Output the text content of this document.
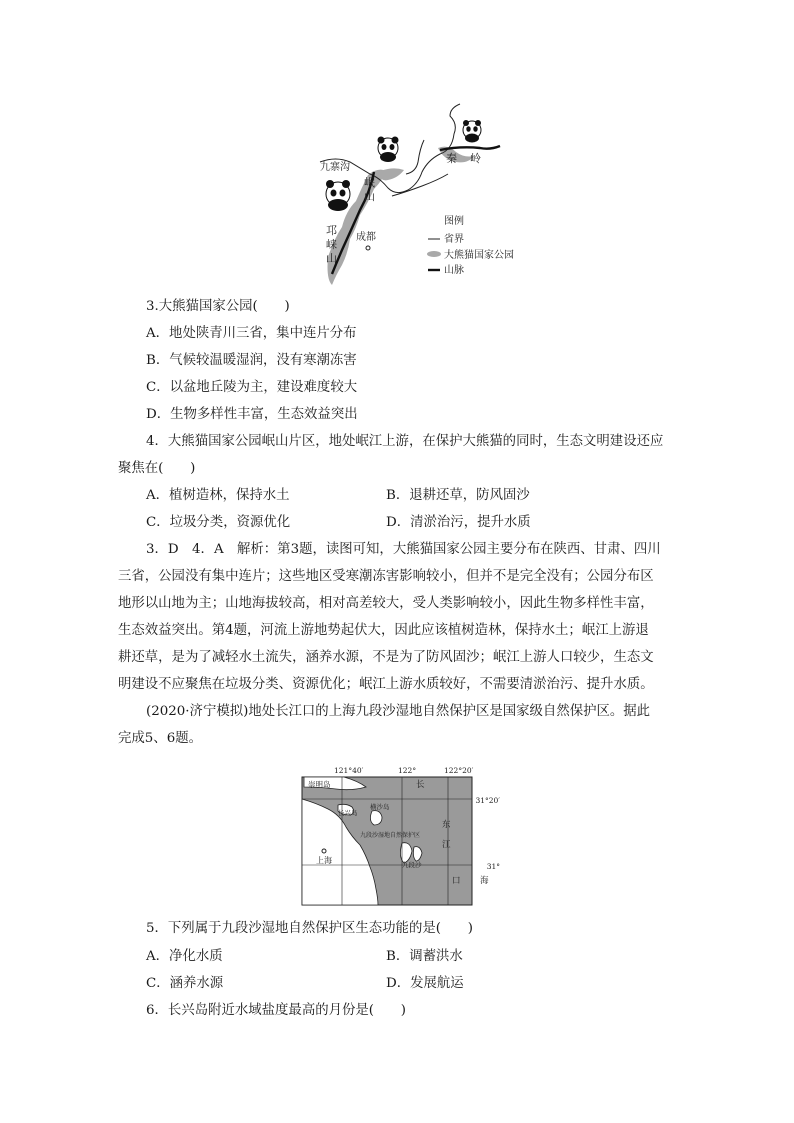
九寨沟
岷
山
秦 岭
邛
崃
山
成都
图例
省界
大熊猫国家公园
山脉
3.大熊猫国家公园(　　)
A．地处陕青川三省，集中连片分布
B．气候较温暖湿润，没有寒潮冻害
C．以盆地丘陵为主，建设难度较大
D．生物多样性丰富，生态效益突出
4．大熊猫国家公园岷山片区，地处岷江上游，在保护大熊猫的同时，生态文明建设还应
聚焦在(　　)
A．植树造林，保持水土	B．退耕还草，防风固沙
C．垃圾分类，资源优化	D．清淤治污，提升水质
3．D　4．A　解析：第3题，读图可知，大熊猫国家公园主要分布在陕西、甘肃、四川
三省，公园没有集中连片；这些地区受寒潮冻害影响较小，但并不是完全没有；公园分布区
地形以山地为主；山地海拔较高，相对高差较大，受人类影响较小，因此生物多样性丰富，
生态效益突出。第4题，河流上游地势起伏大，因此应该植树造林，保持水土；岷江上游退
耕还草，是为了减轻水土流失，涵养水源，不是为了防风固沙；岷江上游人口较少，生态文
明建设不应聚焦在垃圾分类、资源优化；岷江上游水质较好，不需要清淤治污、提升水质。
(2020·济宁模拟)地处长江口的上海九段沙湿地自然保护区是国家级自然保护区。据此
完成5、6题。
121°40′	122°	122°20′
31°20′
31°
崇明岛	长
横沙岛
长兴岛
九段沙湿地自然保护区
九段沙
上海
东
江
口 海
5．下列属于九段沙湿地自然保护区生态功能的是(　　)
A．净化水质	B．调蓄洪水
C．涵养水源	D．发展航运
6．长兴岛附近水域盐度最高的月份是(　　)
